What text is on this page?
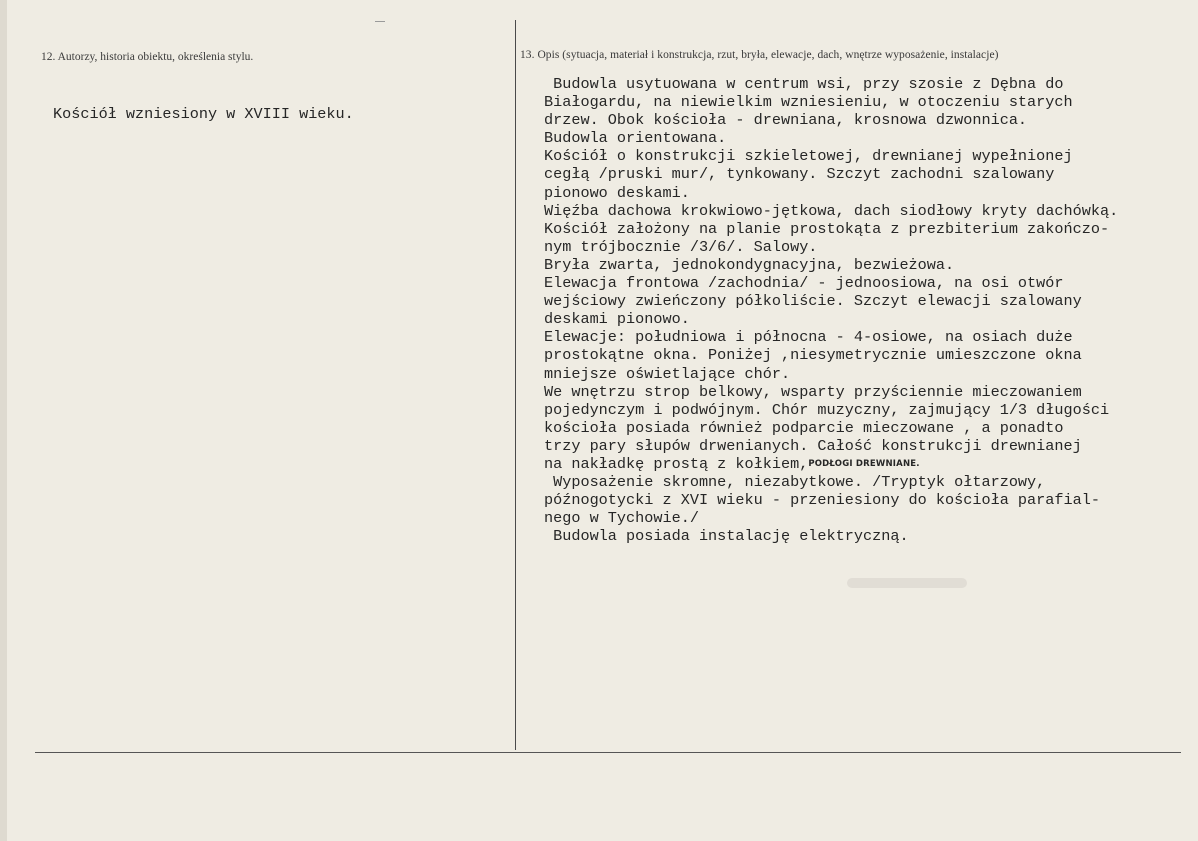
12. Autorzy, historia obiektu, określenia stylu.	13. Opis (sytuacja, materiał i konstrukcja, rzut, bryła, elewacje, dach, wnętrze wyposażenie, instalacje)
Kościół wzniesiony w XVIII wieku.
Budowla usytuowana w centrum wsi, przy szosie z Dębna do
Białogardu, na niewielkim wzniesieniu, w otoczeniu starych
drzew. Obok kościoła - drewniana, krosnowa dzwonnica.
Budowla orientowana.
Kościół o konstrukcji szkieletowej, drewnianej wypełnionej
cegłą /pruski mur/, tynkowany. Szczyt zachodni szalowany
pionowo deskami.
Więźba dachowa krokwiowo-jętkowa, dach siodłowy kryty dachówką.
Kościół założony na planie prostokąta z prezbiterium zakończo-
nym trójbocznie /3/6/. Salowy.
Bryła zwarta, jednokondygnacyjna, bezwieżowa.
Elewacja frontowa /zachodnia/ - jednoosiowa, na osi otwór
wejściowy zwieńczony półkoliście. Szczyt elewacji szalowany
deskami pionowo.
Elewacje: południowa i północna - 4-osiowe, na osiach duże
prostokątne okna. Poniżej ,niesymetrycznie umieszczone okna
mniejsze oświetlające chór.
We wnętrzu strop belkowy, wsparty przyściennie mieczowaniem
pojedynczym i podwójnym. Chór muzyczny, zajmujący 1/3 długości
kościoła posiada również podparcie mieczowane , a ponadto
trzy pary słupów drwenianych. Całość konstrukcji drewnianej
na nakładkę prostą z kołkiem,PODŁOGI DREWNIANE.
Wyposażenie skromne, niezabytkowe. /Tryptyk ołtarzowy,
późnogotycki z XVI wieku - przeniesiony do kościoła parafial-
nego w Tychowie./
Budowla posiada instalację elektryczną.
